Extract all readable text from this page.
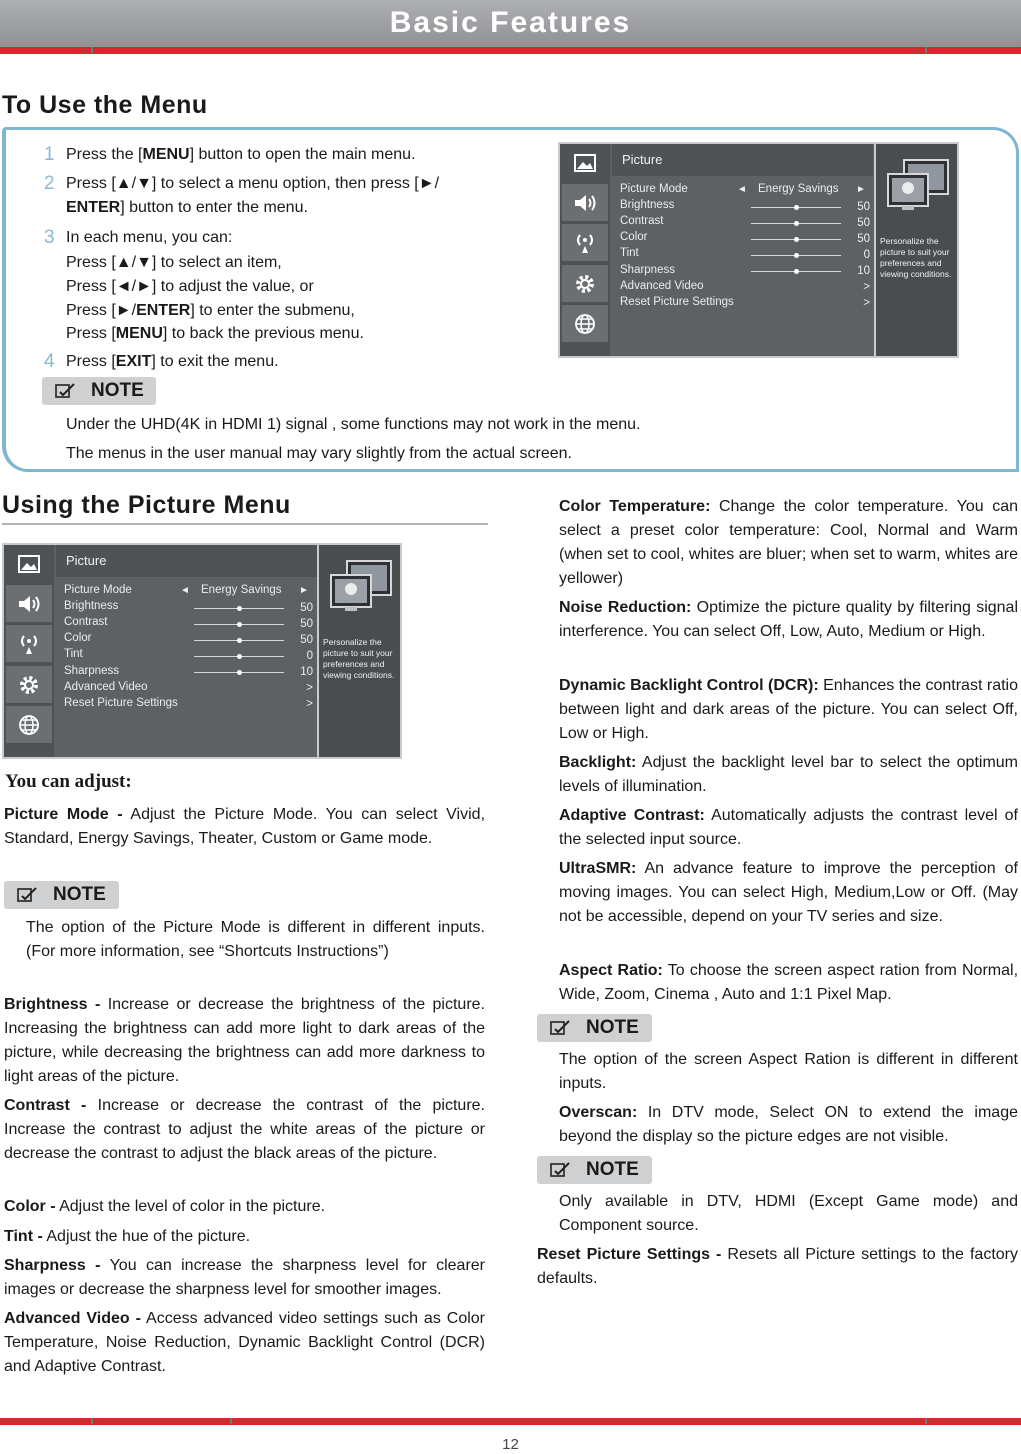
Basic Features
To Use the Menu
1 Press the [MENU] button to open the main menu.
2 Press [▲/▼] to select a menu option, then press [►/
ENTER] button to enter the menu.
3 In each menu, you can:
Press [▲/▼] to select an item,
Press [◄/►] to adjust the value, or
Press [►/ENTER] to enter the submenu,
Press [MENU] to back the previous menu.
4 Press [EXIT] to exit the menu.
NOTE
Under the UHD(4K in HDMI 1) signal , some functions may not work in the menu.
The menus in the user manual may vary slightly from the actual screen.
Picture
Picture Mode
Brightness
Contrast
Color
Tint
Sharpness
Advanced Video
Reset Picture Settings
◄ Energy Savings ►
50
50
50
0
10
>
>
Personalize the
picture to suit your
preferences and
viewing conditions.
Using the Picture Menu
Picture
Picture Mode
Brightness
Contrast
Color
Tint
Sharpness
Advanced Video
Reset Picture Settings
◄ Energy Savings ►
50
50
50
0
10
>
>
Personalize the
picture to suit your
preferences and
viewing conditions.
You can adjust:
Picture Mode - Adjust the Picture Mode. You can select Vivid, Standard, Energy Savings, Theater, Custom or Game mode.
NOTE
The option of the Picture Mode is different in different inputs. (For more information, see “Shortcuts Instructions”)
Brightness - Increase or decrease the brightness of the picture. Increasing the brightness can add more light to dark areas of the picture, while decreasing the brightness can add more darkness to light areas of the picture.
Contrast - Increase or decrease the contrast of the picture. Increase the contrast to adjust the white areas of the picture or decrease the contrast to adjust the black areas of the picture.
Color - Adjust the level of color in the picture.
Tint - Adjust the hue of the picture.
Sharpness - You can increase the sharpness level for clearer images or decrease the sharpness level for smoother images.
Advanced Video - Access advanced video settings such as Color Temperature, Noise Reduction, Dynamic Backlight Control (DCR) and Adaptive Contrast.
Color Temperature: Change the color temperature. You can select a preset color temperature: Cool, Normal and Warm (when set to cool, whites are bluer; when set to warm, whites are yellower)
Noise Reduction: Optimize the picture quality by filtering signal interference. You can select Off, Low, Auto, Medium or High.
Dynamic Backlight Control (DCR): Enhances the contrast ratio between light and dark areas of the picture. You can select Off, Low or High.
Backlight: Adjust the backlight level bar to select the optimum levels of illumination.
Adaptive Contrast: Automatically adjusts the contrast level of the selected input source.
UltraSMR: An advance feature to improve the perception of moving images. You can select High, Medium,Low or Off. (May not be accessible, depend on your TV series and size.
Aspect Ratio: To choose the screen aspect ration from Normal, Wide, Zoom, Cinema , Auto and 1:1 Pixel Map.
NOTE
The option of the screen Aspect Ration is different in different inputs.
Overscan: In DTV mode, Select ON to extend the image beyond the display so the picture edges are not visible.
NOTE
Only available in DTV, HDMI (Except Game mode) and Component source.
Reset Picture Settings - Resets all Picture settings to the factory defaults.
12
